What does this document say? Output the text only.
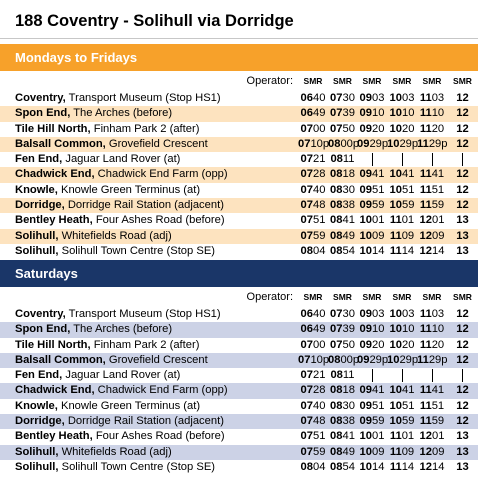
188 Coventry - Solihull via Dorridge
Mondays to Fridays
Operator:	SMR	SMR	SMR	SMR	SMR	SMR
Coventry, Transport Museum (Stop HS1)	0640	0730	0903	1003	1103	12
Spon End, The Arches (before)	0649	0739	0910	1010	1110	12
Tile Hill North, Finham Park 2 (after)	0700	0750	0920	1020	1120	12
Balsall Common, Grovefield Crescent	0710p	0800p	0929p	1029p	1129p	12
Fen End, Jaguar Land Rover (at)	0721	0811				
Chadwick End, Chadwick End Farm (opp)	0728	0818	0941	1041	1141	12
Knowle, Knowle Green Terminus (at)	0740	0830	0951	1051	1151	12
Dorridge, Dorridge Rail Station (adjacent)	0748	0838	0959	1059	1159	12
Bentley Heath, Four Ashes Road (before)	0751	0841	1001	1101	1201	13
Solihull, Whitefields Road (adj)	0759	0849	1009	1109	1209	13
Solihull, Solihull Town Centre (Stop SE)	0804	0854	1014	1114	1214	13
Saturdays
Operator:	SMR	SMR	SMR	SMR	SMR	SMR
Coventry, Transport Museum (Stop HS1)	0640	0730	0903	1003	1103	12
Spon End, The Arches (before)	0649	0739	0910	1010	1110	12
Tile Hill North, Finham Park 2 (after)	0700	0750	0920	1020	1120	12
Balsall Common, Grovefield Crescent	0710p	0800p	0929p	1029p	1129p	12
Fen End, Jaguar Land Rover (at)	0721	0811				
Chadwick End, Chadwick End Farm (opp)	0728	0818	0941	1041	1141	12
Knowle, Knowle Green Terminus (at)	0740	0830	0951	1051	1151	12
Dorridge, Dorridge Rail Station (adjacent)	0748	0838	0959	1059	1159	12
Bentley Heath, Four Ashes Road (before)	0751	0841	1001	1101	1201	13
Solihull, Whitefields Road (adj)	0759	0849	1009	1109	1209	13
Solihull, Solihull Town Centre (Stop SE)	0804	0854	1014	1114	1214	13
